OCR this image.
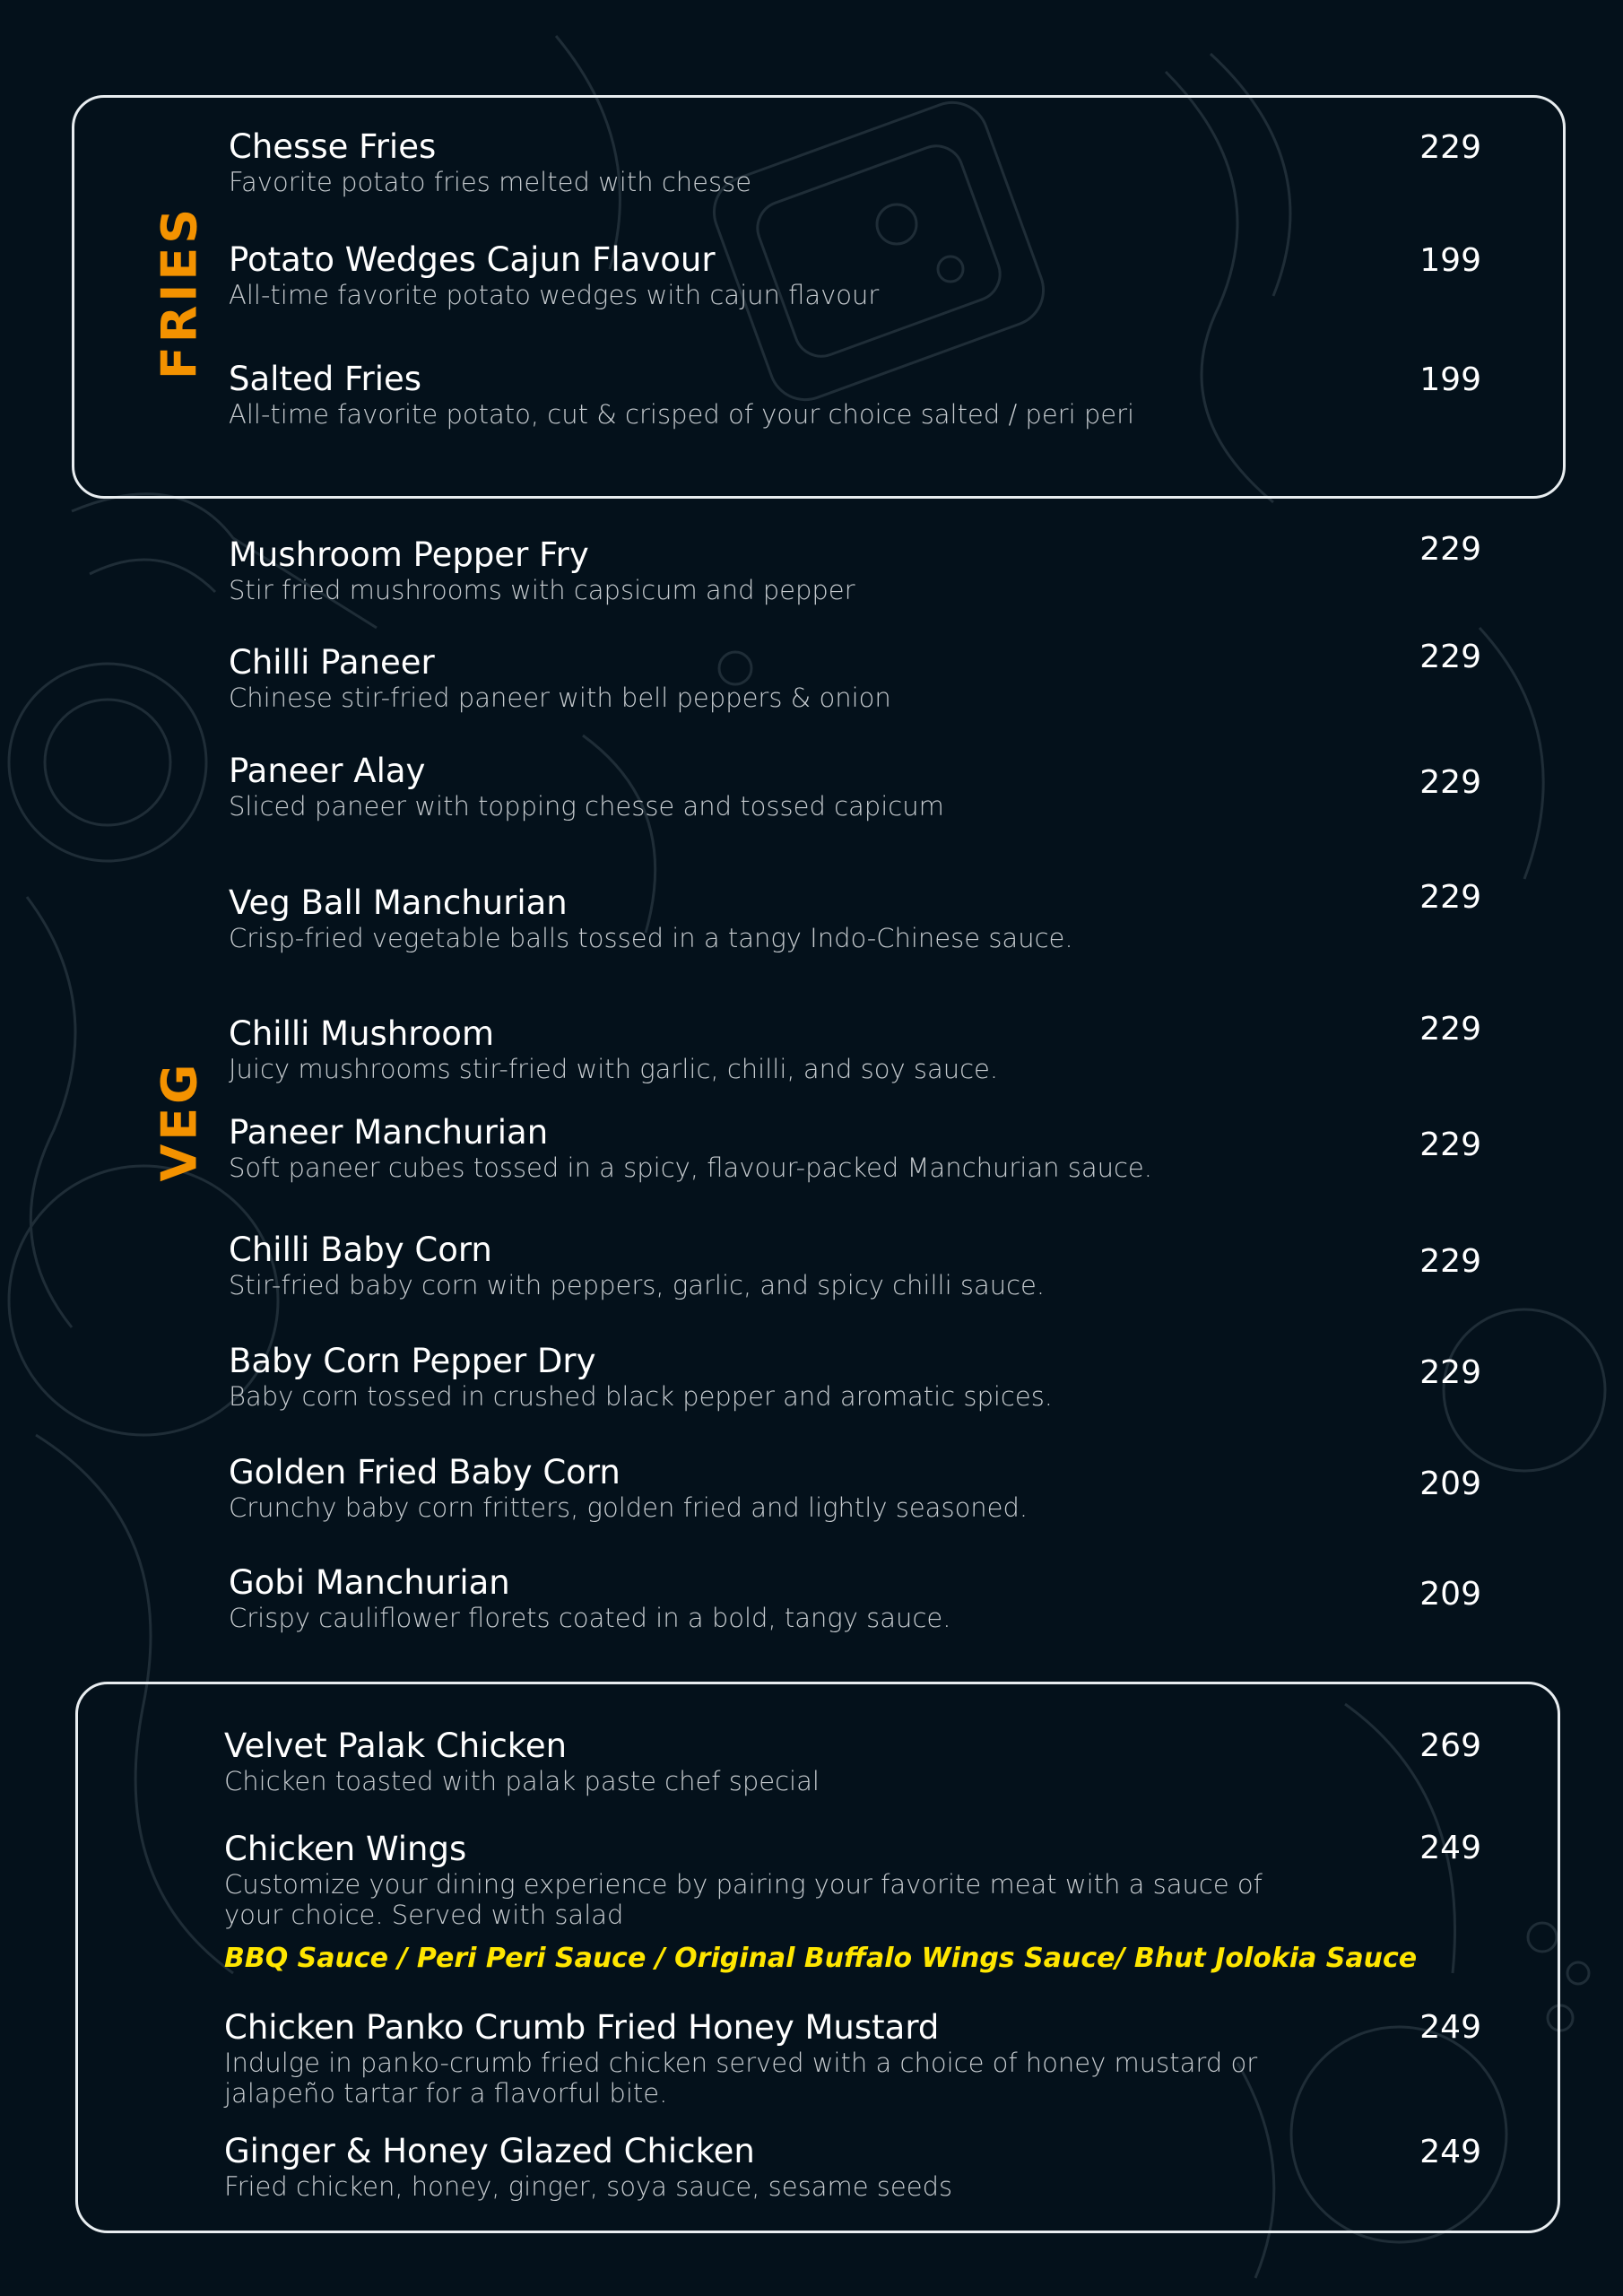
FRIES
Chesse Fries
Favorite potato fries melted with chesse
229
Potato Wedges Cajun Flavour
All-time favorite potato wedges with cajun flavour
199
Salted Fries
All-time favorite potato, cut & crisped of your choice salted / peri peri
199
VEG
Mushroom Pepper Fry
Stir fried mushrooms with capsicum and pepper
229
Chilli Paneer
Chinese stir-fried paneer with bell peppers & onion
229
Paneer Alay
Sliced paneer with topping chesse and tossed capicum
229
Veg Ball Manchurian
Crisp-fried vegetable balls tossed in a tangy Indo-Chinese sauce.
229
Chilli Mushroom
Juicy mushrooms stir-fried with garlic, chilli, and soy sauce.
229
Paneer Manchurian
Soft paneer cubes tossed in a spicy, flavour-packed Manchurian sauce.
229
Chilli Baby Corn
Stir-fried baby corn with peppers, garlic, and spicy chilli sauce.
229
Baby Corn Pepper Dry
Baby corn tossed in crushed black pepper and aromatic spices.
229
Golden Fried Baby Corn
Crunchy baby corn fritters, golden fried and lightly seasoned.
209
Gobi Manchurian
Crispy cauliflower florets coated in a bold, tangy sauce.
209
Velvet Palak Chicken
Chicken toasted with palak paste chef special
269
Chicken Wings
Customize your dining experience by pairing your favorite meat with a sauce of your choice. Served with salad
249
BBQ Sauce / Peri Peri Sauce / Original Buffalo Wings Sauce/ Bhut Jolokia Sauce
Chicken Panko Crumb Fried Honey Mustard
Indulge in panko-crumb fried chicken served with a choice of honey mustard or jalapeño tartar for a flavorful bite.
249
Ginger & Honey Glazed Chicken
Fried chicken, honey, ginger, soya sauce, sesame seeds
249
